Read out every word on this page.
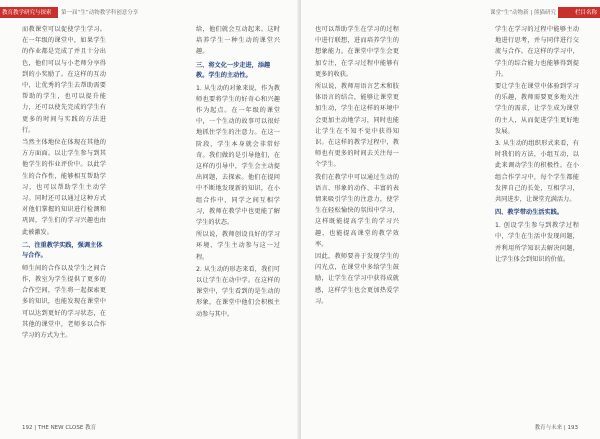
教育教学研究与探索 第一届“生”动物教学科创意分享

而教课堂可以促使学生学习。在一年级的课堂中，如果学生的作业都是完成了并且十分出色，他们可以与小老师分享得到的小奖励了。在这样的互动中，让优秀的学生去帮助需要帮助的学生，也可以提升能力，还可以使先完成的学生有更多的时间与实践的方法进行。

当然主体地位在体现在其他的方方面面。以让学生参与到其他学生的作业评价中。以此学生的合作性，能够相互帮助学习，也可以帮助学生主动学习。同时还可以通过这种方式对他们掌握的知识进行检测和巩固，学生们的学习兴趣也由此被激发。

二、注重教学实践，强调主体与合作。

师生间的合作以及学生之间合作，教室为学生提供了更多的合作空间，学生将一起探索更多的知识，也能发现在课堂中可以达到更好的学习状态，在其他的课堂中，老师多以合作学习的方式为主。

给，他们就会互动起来。这时培养学生一种生动的课堂兴趣。

三、将文化一步走进，添趣教。学生的主动性。

1. 从生动的对象来说，作为教师也要将学生的好奇心和兴趣作为起点。在一年级的课堂中，一个生动的故事可以很好地抓住学生的注意力。在这一阶段，学生本身就会非常好奇。我们做的是引导他们，在这样的引导中，学生会主动提出问题，去探索。他们在提问中不断地发现新的知识，在小组合作中，同学之间互相学习，教师在教学中也更能了解学生的状态。

所以说，教师创设良好的学习环境，学生主动参与这一过程。

2. 从生动的形态来看，我们可以让学生在动中学。在这样的课堂中，学生看到的是生动的形象，在课堂中他们会积极主动参与其中。

192 | THE NEW CLOSE 教育
课堂“生”动物新 | 熊猫研究	栏目名称

也可以帮助学生在学习的过程中进行联想，进而培养学生的想象能力。在课堂中学生会更加专注，在学习过程中能够有更多的收获。

所以说，教师用语言艺术和肢体语言的结合，能够让课堂更加生动，学生在这样的环境中会更加主动地学习，同时也能让学生在不知不觉中获得知识。在这样的教学过程中，教师也有更多的时间去关注每一个学生。

我们在教学中可以通过生动的语言、形象的动作、丰富的表情来吸引学生的注意力，使学生在轻松愉快的氛围中学习，这样既能提高学生的学习兴趣，也能提高课堂的教学效率。

因此，教师要善于发现学生的闪光点，在课堂中多给学生鼓励，让学生在学习中获得成就感，这样学生也会更加热爱学习。

学生在学习的过程中能够主动地进行思考，并与同伴进行交流与合作。在这样的学习中，学生的综合能力也能够得到提升。

要让学生在课堂中体验到学习的乐趣，教师需要更多地关注学生的需求，让学生成为课堂的主人，从而促进学生更好地发展。

3. 从生动的组织形式来看，有时我们的方法，小组互动，以此来调动学生的积极性。在小组合作学习中，每个学生都能发挥自己的长处，互相学习，共同进步，让课堂充满活力。

四、教学带动生活实践。

1. 创设学生参与到教学过程中，学生在生活中发现问题，并利用所学知识去解决问题，让学生体会到知识的价值。

教育与未来 | 193
